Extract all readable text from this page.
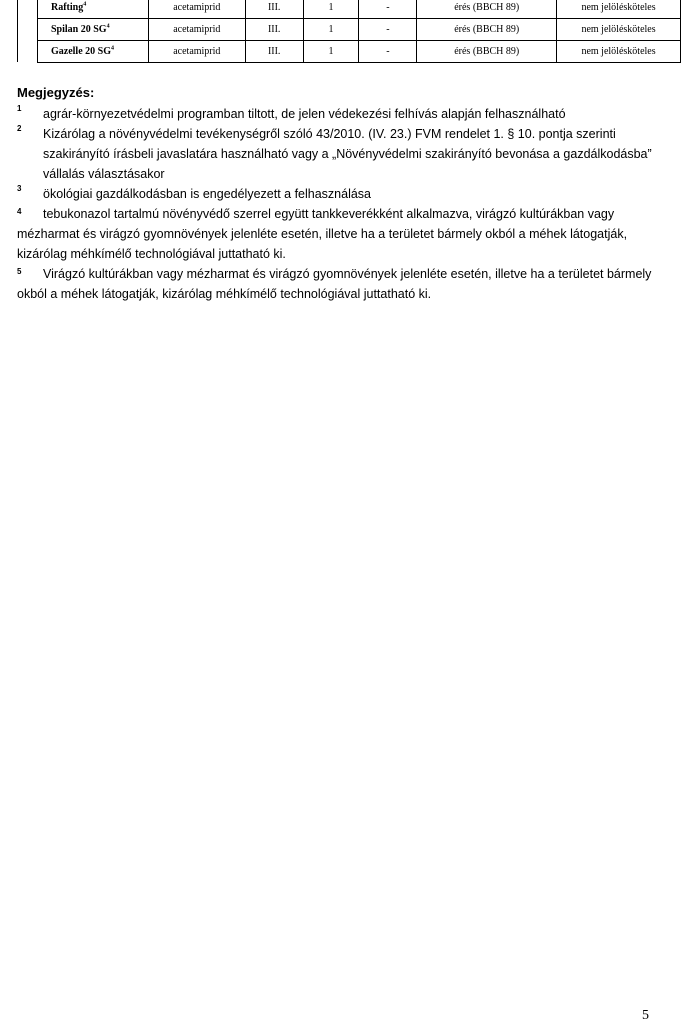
Rafting$^4$	acetamiprid	III.	1	-	érés (BBCH 89)	nem jelölésköteles
Spilan 20 $SG^4$	acetamiprid	III.	1	-	érés (BBCH 89)	nem jelölésköteles
Gazelle 20 $SG^4$	acetamiprid	III.	1	-	érés (BBCH 89)	nem jelölésköteles
Megjegyzés:
1 agrár-környezetvédelmi programban tiltott, de jelen védekezési felhívás alapján felhasználható
2 Kizárólag a növényvédelmi tevékenységről szóló 43/2010. (IV. 23.) FVM rendelet 1. § 10. pontja szerinti szakirányító írásbeli javaslatára használható vagy a „Növényvédelmi szakirányító bevonása a gazdálkodásba” vállalás választásakor
3 ökológiai gazdálkodásban is engedélyezett a felhasználása
4 tebukonazol tartalmú növényvédő szerrel együtt tankkeverékként alkalmazva, virágzó kultúrákban vagy mézharmat és virágzó gyomnövények jelenléte esetén, illetve ha a területet bármely okból a méhek látogatják, kizárólag méhkímélő technológiával juttatható ki.
5 Virágzó kultúrákban vagy mézharmat és virágzó gyomnövények jelenléte esetén, illetve ha a területet bármely okból a méhek látogatják, kizárólag méhkímélő technológiával juttatható ki.
5
